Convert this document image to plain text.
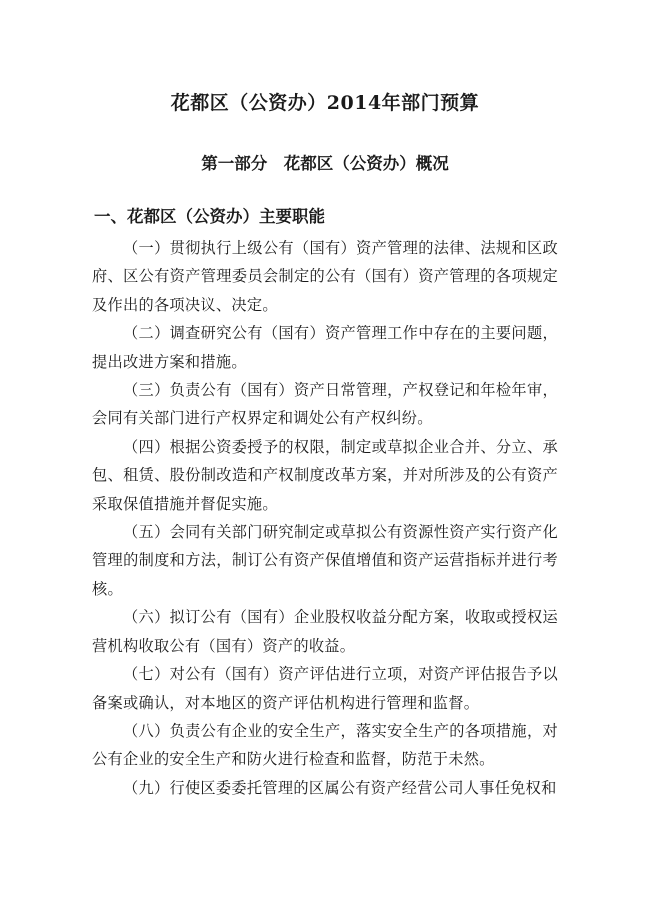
花都区（公资办）2014年部门预算
第一部分　花都区（公资办）概况
一、花都区（公资办）主要职能

（一）贯彻执行上级公有（国有）资产管理的法律、法规和区政府、区公有资产管理委员会制定的公有（国有）资产管理的各项规定及作出的各项决议、决定。

（二）调查研究公有（国有）资产管理工作中存在的主要问题，提出改进方案和措施。

（三）负责公有（国有）资产日常管理，产权登记和年检年审，会同有关部门进行产权界定和调处公有产权纠纷。

（四）根据公资委授予的权限，制定或草拟企业合并、分立、承包、租赁、股份制改造和产权制度改革方案，并对所涉及的公有资产采取保值措施并督促实施。

（五）会同有关部门研究制定或草拟公有资源性资产实行资产化管理的制度和方法，制订公有资产保值增值和资产运营指标并进行考核。

（六）拟订公有（国有）企业股权收益分配方案，收取或授权运营机构收取公有（国有）资产的收益。

（七）对公有（国有）资产评估进行立项，对资产评估报告予以备案或确认，对本地区的资产评估机构进行管理和监督。

（八）负责公有企业的安全生产，落实安全生产的各项措施，对公有企业的安全生产和防火进行检查和监督，防范于未然。

（九）行使区委委托管理的区属公有资产经营公司人事任免权和
